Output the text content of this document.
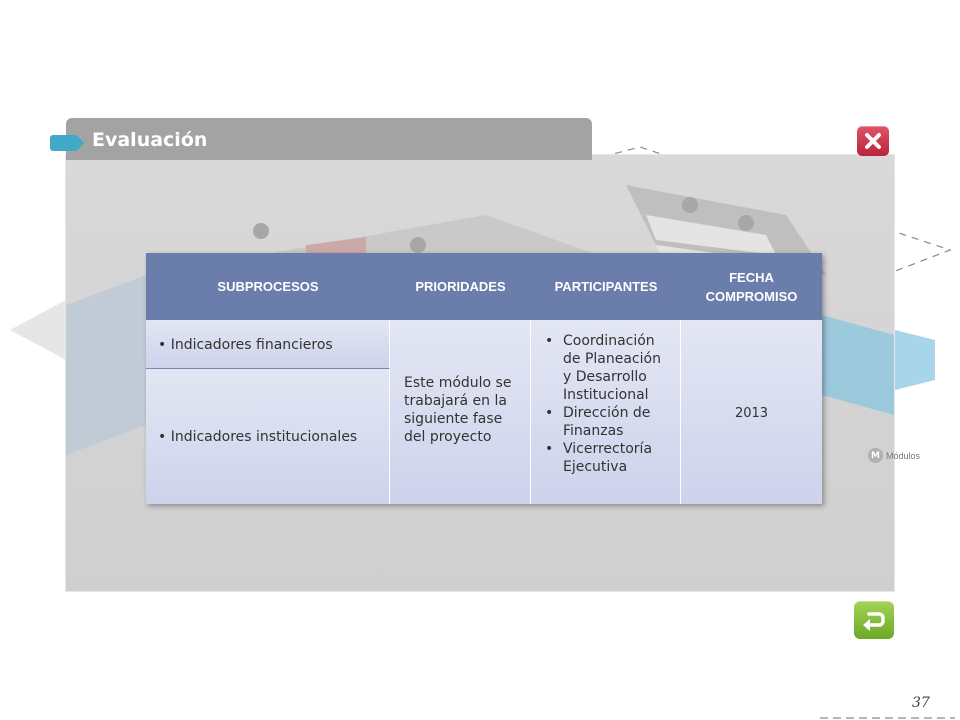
Evaluación
M Módulos
SUBPROCESOS	PRIORIDADES	PARTICIPANTES
FECHA COMPROMISO
• Indicadores financieros
• Indicadores institucionales
Este módulo se trabajará en la siguiente fase del proyecto
• Coordinación de Planeación y Desarrollo Institucional
• Dirección de Finanzas
• Vicerrectoría Ejecutiva
2013
37
